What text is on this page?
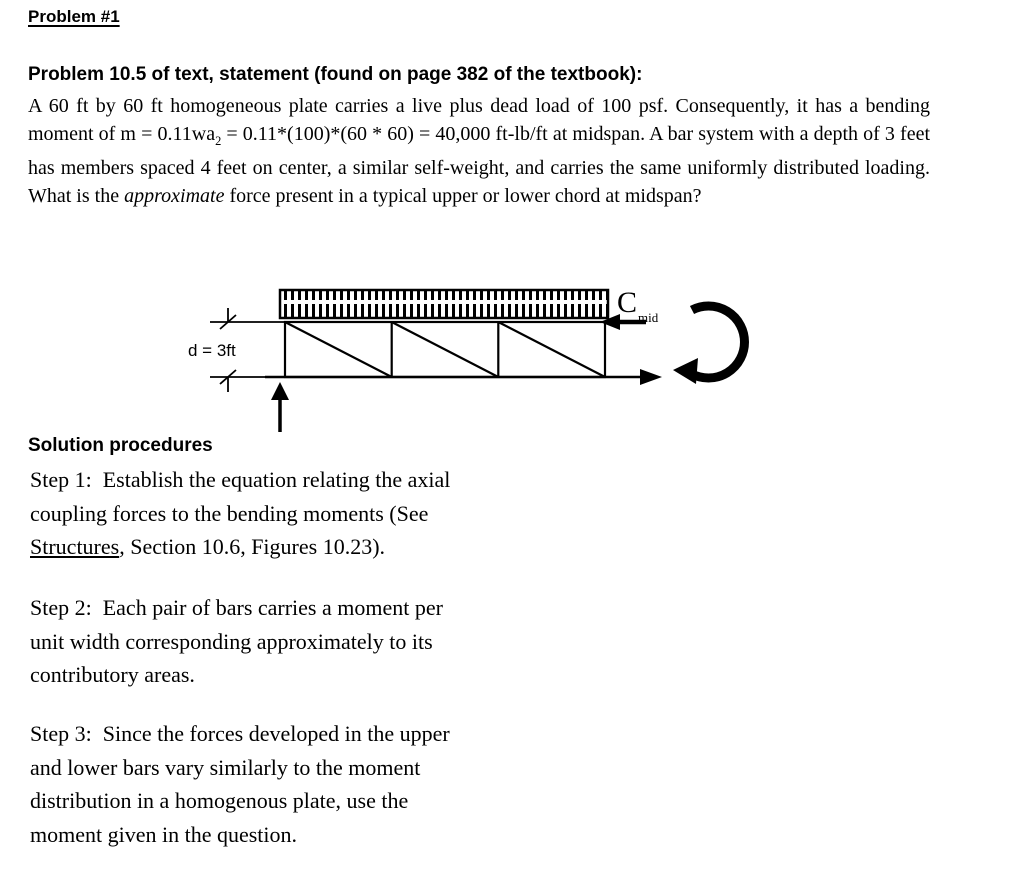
Problem #1
Problem 10.5 of text, statement (found on page 382 of the textbook):

A 60 ft by 60 ft homogeneous plate carries a live plus dead load of 100 psf. Consequently, it has a bending moment of $m = 0.11wa_2 = 0.11*(100)*(60 * 60) = 40,000$ ft-lb/ft at midspan. A bar system with a depth of 3 feet has members spaced 4 feet on center, a similar self-weight, and carries the same uniformly distributed loading. What is the approximate force present in a typical upper or lower chord at midspan?

C mid
d = 3ft
Solution procedures

Step 1:  Establish the equation relating the axial
coupling forces to the bending moments (See
Structures, Section 10.6, Figures 10.23).

Step 2:  Each pair of bars carries a moment per
unit width corresponding approximately to its
contributory areas.

Step 3:  Since the forces developed in the upper
and lower bars vary similarly to the moment
distribution in a homogenous plate, use the
moment given in the question.
